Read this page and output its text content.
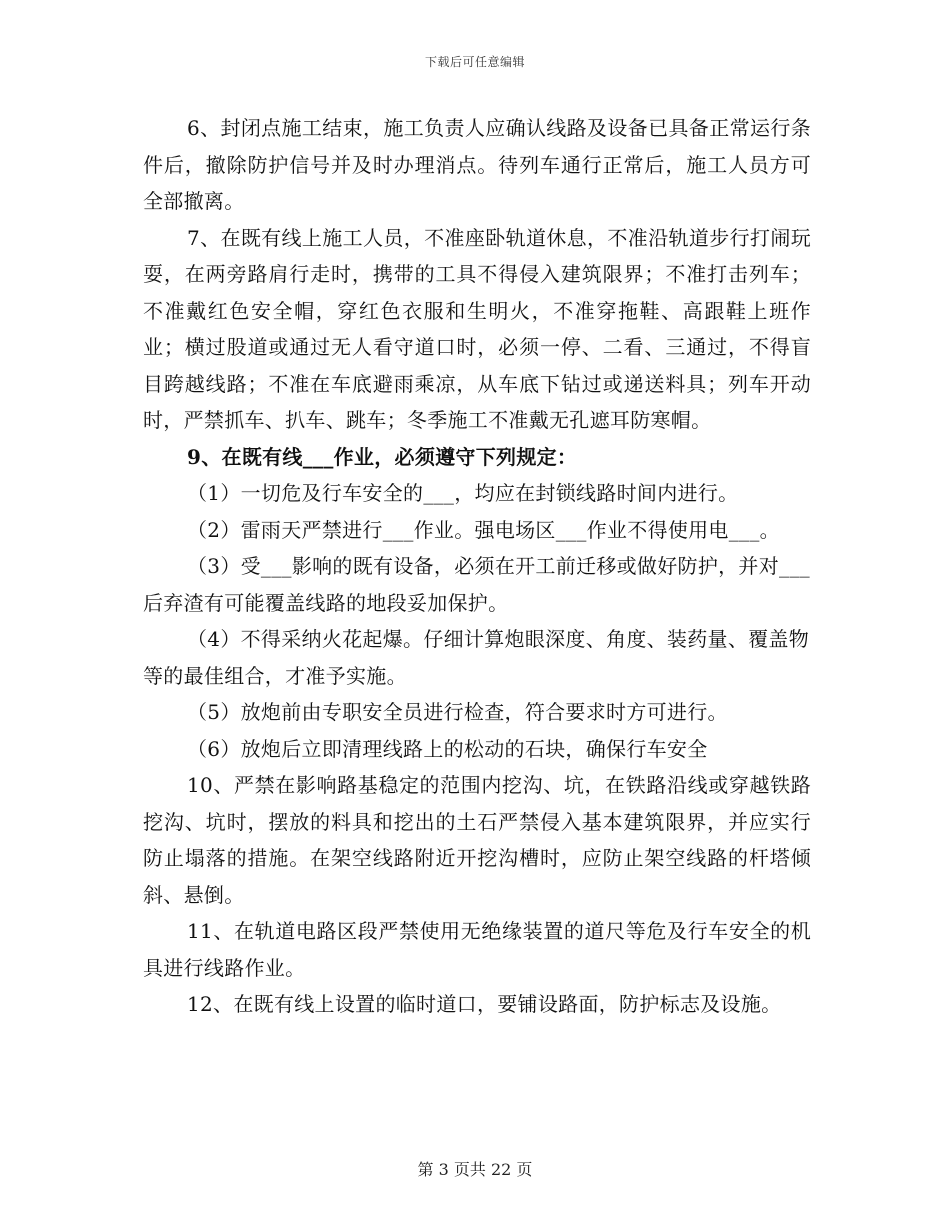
下载后可任意编辑

6、封闭点施工结束，施工负责人应确认线路及设备已具备正常运行条件后，撤除防护信号并及时办理消点。待列车通行正常后，施工人员方可全部撤离。

7、在既有线上施工人员，不准座卧轨道休息，不准沿轨道步行打闹玩耍，在两旁路肩行走时，携带的工具不得侵入建筑限界；不准打击列车；不准戴红色安全帽，穿红色衣服和生明火，不准穿拖鞋、高跟鞋上班作业；横过股道或通过无人看守道口时，必须一停、二看、三通过，不得盲目跨越线路；不准在车底避雨乘凉，从车底下钻过或递送料具；列车开动时，严禁抓车、扒车、跳车；冬季施工不准戴无孔遮耳防寒帽。

9、在既有线___作业，必须遵守下列规定：

（1）一切危及行车安全的___，均应在封锁线路时间内进行。

（2）雷雨天严禁进行___作业。强电场区___作业不得使用电___。

（3）受___影响的既有设备，必须在开工前迁移或做好防护，并对___后弃渣有可能覆盖线路的地段妥加保护。

（4）不得采纳火花起爆。仔细计算炮眼深度、角度、装药量、覆盖物等的最佳组合，才准予实施。

（5）放炮前由专职安全员进行检查，符合要求时方可进行。

（6）放炮后立即清理线路上的松动的石块，确保行车安全

10、严禁在影响路基稳定的范围内挖沟、坑，在铁路沿线或穿越铁路挖沟、坑时，摆放的料具和挖出的土石严禁侵入基本建筑限界，并应实行防止塌落的措施。在架空线路附近开挖沟槽时，应防止架空线路的杆塔倾斜、悬倒。

11、在轨道电路区段严禁使用无绝缘装置的道尺等危及行车安全的机具进行线路作业。

12、在既有线上设置的临时道口，要铺设路面，防护标志及设施。

第 3 页共 22 页
